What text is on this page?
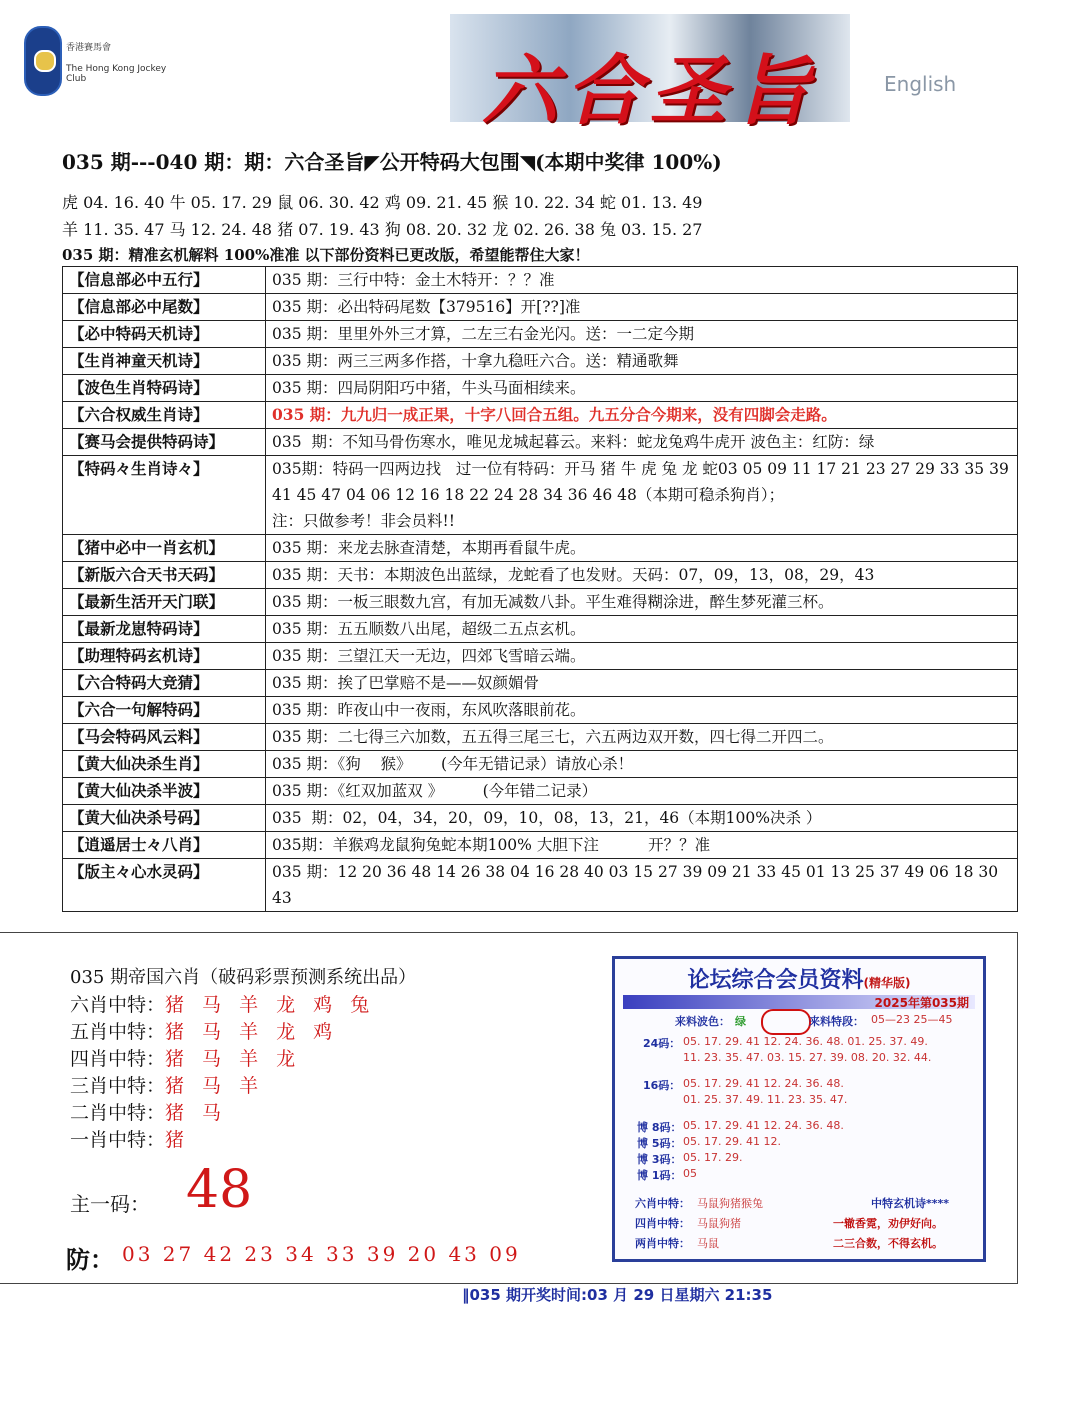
香港賽馬會
The Hong Kong Jockey Club	六合圣旨	English
035 期---040 期：期：六合圣旨◤公开特码大包围◥(本期中奖律 100%)
虎 04. 16. 40 牛 05. 17. 29 鼠 06. 30. 42 鸡 09. 21. 45 猴 10. 22. 34 蛇 01. 13. 49
羊 11. 35. 47 马 12. 24. 48 猪 07. 19. 43 狗 08. 20. 32 龙 02. 26. 38 兔 03. 15. 27
035 期：精准玄机解料 100%准准 以下部份资料已更改版，希望能帮住大家！
【信息部必中五行】	035 期：三行中特：金土木特开：？？准
【信息部必中尾数】	035 期：必出特码尾数【379516】开[??]准
【必中特码天机诗】	035 期：里里外外三才算，二左三右金光闪。送：一二定今期
【生肖神童天机诗】	035 期：两三三两多作搭，十拿九稳旺六合。送：精通歌舞
【波色生肖特码诗】	035 期：四局阴阳巧中猪，牛头马面相续来。
【六合权威生肖诗】	035 期：九九归一成正果，十字八回合五组。九五分合今期来，没有四脚会走路。
【赛马会提供特码诗】	035  期：不知马骨伤寒水，唯见龙城起暮云。来料：蛇龙兔鸡牛虎开 波色主：红防：绿
【特码々生肖诗々】	035期：特码一四两边找   过一位有特码：开马 猪 牛 虎 兔 龙 蛇03 05 09 11 17 21 23 27 29 33 35 39 41 45 47 04 06 12 16 18 22 24 28 34 36 46 48（本期可稳杀狗肖）；
注：只做参考！非会员料!!
【猪中必中一肖玄机】	035 期：来龙去脉查清楚，本期再看鼠牛虎。
【新版六合天书天码】	035 期：天书：本期波色出蓝绿，龙蛇看了也发财。天码：07，09，13，08，29，43
【最新生活开天门联】	035 期：一板三眼数九宫，有加无减数八卦。平生难得糊涂进，醉生梦死灌三杯。
【最新龙崽特码诗】	035 期：五五顺数八出尾，超级二五点玄机。
【助理特码玄机诗】	035 期：三望江天一无边，四郊飞雪暗云端。
【六合特码大竞猜】	035 期：挨了巴掌赔不是——奴颜媚骨
【六合一句解特码】	035 期：昨夜山中一夜雨，东风吹落眼前花。
【马会特码风云料】	035 期：二七得三六加数，五五得三尾三七，六五两边双开数，四七得二开四二。
【黄大仙决杀生肖】	035 期：《狗    猴》      (今年无错记录）请放心杀！
【黄大仙决杀半波】	035 期：《红双加蓝双 》        (今年错二记录）
【黄大仙决杀号码】	035  期：02，04，34，20，09，10，08，13，21，46（本期100%决杀 ）
【逍遥居士々八肖】	035期：羊猴鸡龙鼠狗兔蛇本期100% 大胆下注          开？？准
【版主々心水灵码】	035 期：12 20 36 48 14 26 38 04 16 28 40 03 15 27 39 09 21 33 45 01 13 25 37 49 06 18 30 43
035 期帝国六肖（破码彩票预测系统出品）
六肖中特：猪 马 羊 龙 鸡 兔
五肖中特：猪 马 羊 龙 鸡
四肖中特：猪 马 羊 龙
三肖中特：猪 马 羊
二肖中特：猪 马
一肖中特：猪
主一码： 48
防： 03 27 42 23 34 33 39 20 43 09
论坛综合会员资料(精华版)
2025年第035期
来料波色： 绿	来料特段： 05—23 25—45
24码： 05. 17. 29. 41 12. 24. 36. 48. 01. 25. 37. 49.
11. 23. 35. 47. 03. 15. 27. 39. 08. 20. 32. 44.
16码： 05. 17. 29. 41 12. 24. 36. 48.
01. 25. 37. 49. 11. 23. 35. 47.
博 8码： 05. 17. 29. 41 12. 24. 36. 48.
博 5码： 05. 17. 29. 41 12.
博 3码： 05. 17. 29.
博 1码： 05
六肖中特： 马鼠狗猪猴兔
四肖中特： 马鼠狗猪
两肖中特： 马鼠
中特玄机诗****
一辙香霓，劝伊好向。
二三合数，不得玄机。
‖035 期开奖时间:03 月 29 日星期六 21:35
